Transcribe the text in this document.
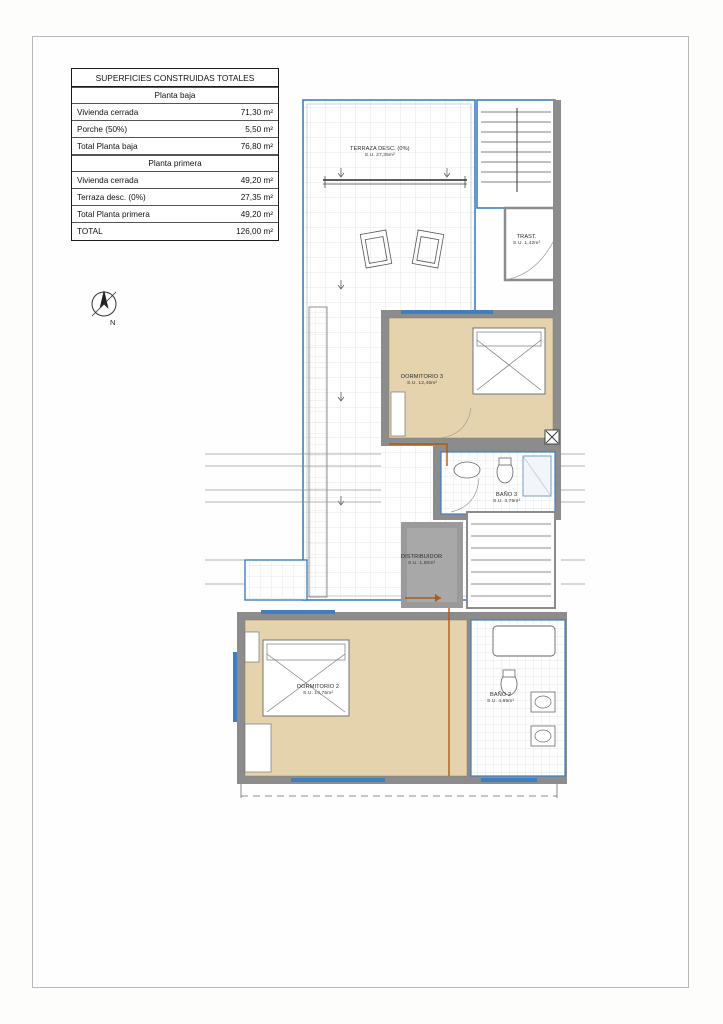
SUPERFICIES CONSTRUIDAS TOTALES
Planta baja
Vivienda cerrada	71,30 m²
Porche (50%)	5,50 m²
Total Planta baja	76,80 m²
Planta primera
Vivienda cerrada	49,20 m²
Terraza desc. (0%)	27,35 m²
Total Planta primera	49,20 m²
TOTAL	126,00 m²
N
TERRAZA DESC. (0%)
S.U. 27,35m²
TRAST.
S.U. 1,42m²
DORMITORIO 3
S.U. 12,45m²
BAÑO 3
S.U. 3,75m²
DISTRIBUIDOR
S.U. 1,80m²
DORMITORIO 2
S.U. 14,75m²	BAÑO 2
S.U. 4,95m²
